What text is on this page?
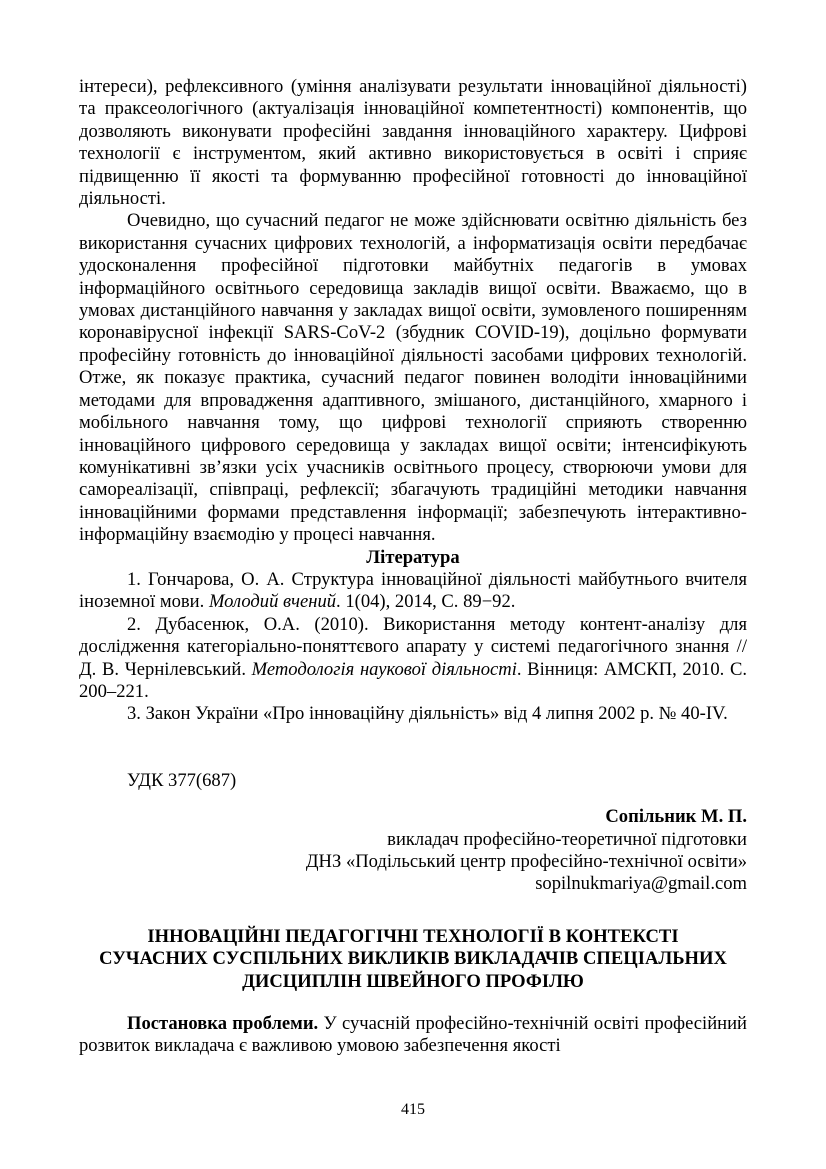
інтереси), рефлексивного (уміння аналізувати результати інноваційної діяльності) та праксеологічного (актуалізація інноваційної компетентності) компонентів, що дозволяють виконувати професійні завдання інноваційного характеру. Цифрові технології є інструментом, який активно використовується в освіті і сприяє підвищенню її якості та формуванню професійної готовності до інноваційної діяльності.

Очевидно, що сучасний педагог не може здійснювати освітню діяльність без використання сучасних цифрових технологій, а інформатизація освіти передбачає удосконалення професійної підготовки майбутніх педагогів в умовах інформаційного освітнього середовища закладів вищої освіти. Вважаємо, що в умовах дистанційного навчання у закладах вищої освіти, зумовленого поширенням коронавірусної інфекції SARS-CoV-2 (збудник COVID-19), доцільно формувати професійну готовність до інноваційної діяльності засобами цифрових технологій. Отже, як показує практика, сучасний педагог повинен володіти інноваційними методами для впровадження адаптивного, змішаного, дистанційного, хмарного і мобільного навчання тому, що цифрові технології сприяють створенню інноваційного цифрового середовища у закладах вищої освіти; інтенсифікують комунікативні зв’язки усіх учасників освітнього процесу, створюючи умови для самореалізації, співпраці, рефлексії; збагачують традиційні методики навчання інноваційними формами представлення інформації; забезпечують інтерактивно-інформаційну взаємодію у процесі навчання.

Література

1. Гончарова, О. А. Структура інноваційної діяльності майбутнього вчителя іноземної мови. Молодий вчений. 1(04), 2014, С. 89−92.

2. Дубасенюк, О.А. (2010). Використання методу контент-аналізу для дослідження категоріально-поняттєвого апарату у системі педагогічного знання // Д. В. Чернілевський. Методологія наукової діяльності. Вінниця: АМСКП, 2010. С. 200–221.

3. Закон України «Про інноваційну діяльність» від 4 липня 2002 р. № 40-IV.

УДК 377(687)

Сопільник М. П.

викладач професійно-теоретичної підготовки

ДНЗ «Подільський центр професійно-технічної освіти»

sopilnukmariya@gmail.com

ІННОВАЦІЙНІ ПЕДАГОГІЧНІ ТЕХНОЛОГІЇ В КОНТЕКСТІ
СУЧАСНИХ СУСПІЛЬНИХ ВИКЛИКІВ ВИКЛАДАЧІВ СПЕЦІАЛЬНИХ
ДИСЦИПЛІН ШВЕЙНОГО ПРОФІЛЮ

Постановка проблеми. У сучасній професійно-технічній освіті професійний розвиток викладача є важливою умовою забезпечення якості

415
